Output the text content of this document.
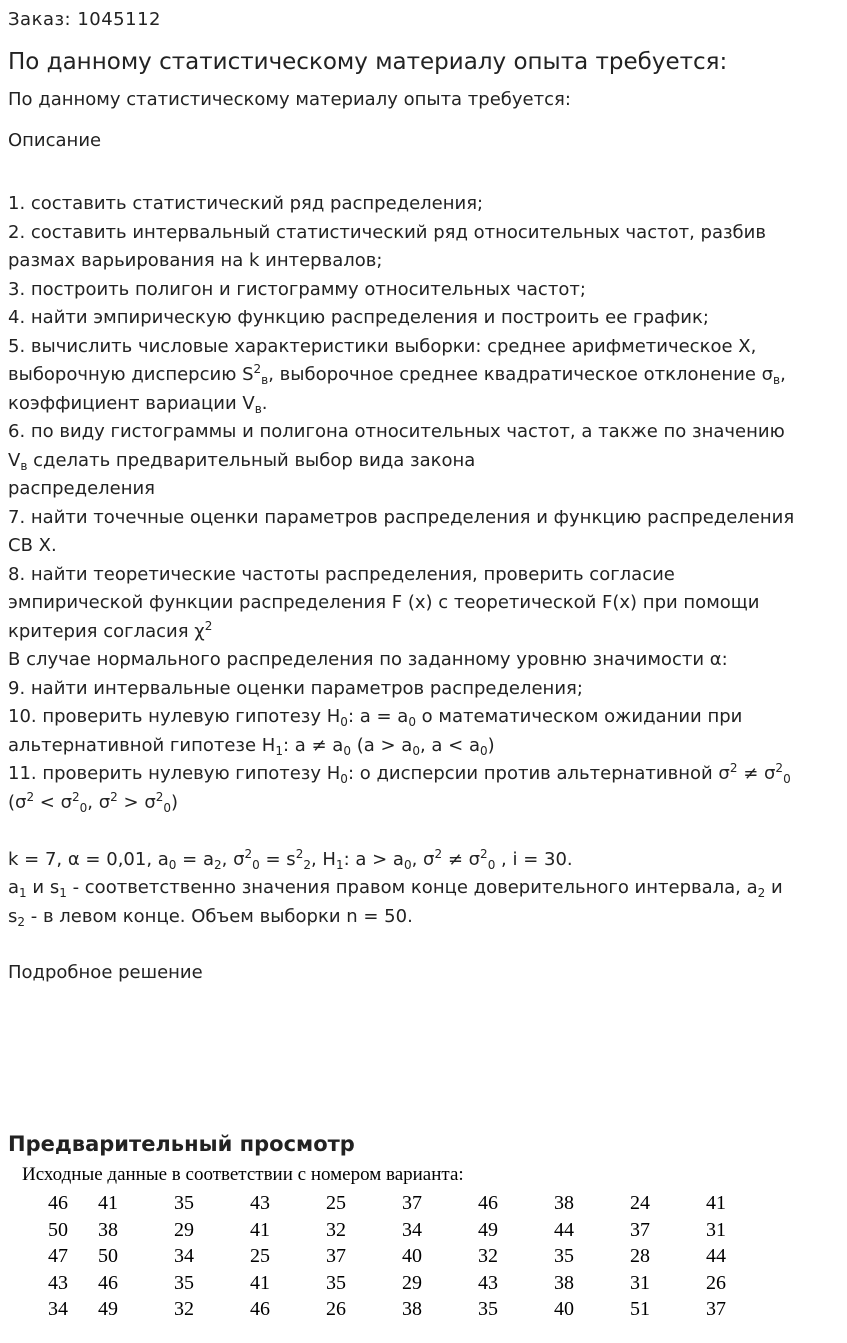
Заказ: 1045112
По данному статистическому материалу опыта требуется:
По данному статистическому материалу опыта требуется:
Описание
1. составить статистический ряд распределения;
2. составить интервальный статистический ряд относительных частот, разбив
размах варьирования на k интервалов;
3. построить полигон и гистограмму относительных частот;
4. найти эмпирическую функцию распределения и построить ее график;
5. вычислить числовые характеристики выборки: среднее арифметическое X,
выборочную дисперсию $S^2_в$, выборочное среднее квадратическое отклонение $\sigma_в$,
коэффициент вариации $V_в$.
6. по виду гистограммы и полигона относительных частот, а также по значению
$V_в$ сделать предварительный выбор вида закона
распределения
7. найти точечные оценки параметров распределения и функцию распределения
СВ X.
8. найти теоретические частоты распределения, проверить согласие
эмпирической функции распределения F (x) с теоретической F(x) при помощи
критерия согласия $\chi^2$
В случае нормального распределения по заданному уровню значимости α:
9. найти интервальные оценки параметров распределения;
10. проверить нулевую гипотезу $H_0$: $a = a_0$ о математическом ожидании при
альтернативной гипотезе $H_1$: $a \ne a_0$ ($a > a_0$, $a < a_0$)
11. проверить нулевую гипотезу $H_0$: о дисперсии против альтернативной $\sigma^2 \ne \sigma^2_0$
($\sigma^2 < \sigma^2_0$, $\sigma^2 > \sigma^2_0$)
k = 7, α = 0,01, $a_0 = a_2$, $\sigma^2_0 = s^2_2$, $H_1$: $a > a_0$, $\sigma^2 \ne \sigma^2_0$ , i = 30.
$a_1$ и $s_1$ - соответственно значения правом конце доверительного интервала, $a_2$ и
$s_2$ - в левом конце. Объем выборки n = 50.
Подробное решение
Предварительный просмотр
Исходные данные в соответствии с номером варианта:
46	41	35	43	25	37	46	38	24	41
50	38	29	41	32	34	49	44	37	31
47	50	34	25	37	40	32	35	28	44
43	46	35	41	35	29	43	38	31	26
34	49	32	46	26	38	35	40	51	37
